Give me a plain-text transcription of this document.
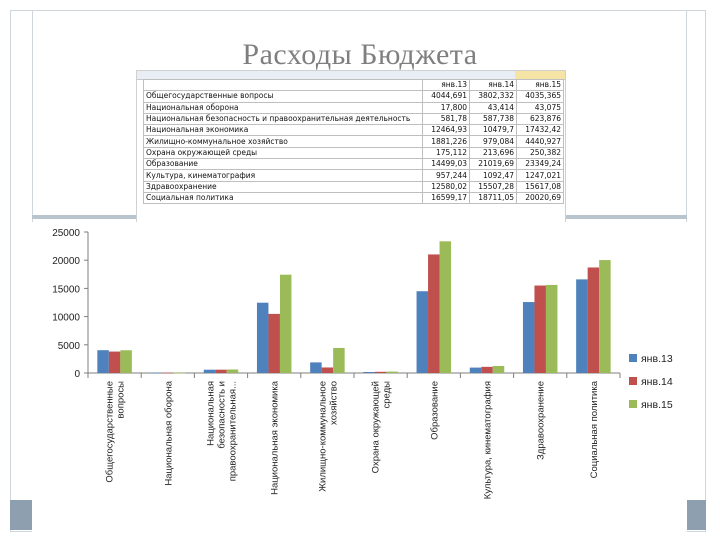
	янв.13	янв.14	янв.15
Общегосударственные вопросы	4044,691	3802,332	4035,365
Национальная оборона	17,800	43,414	43,075
Национальная безопасность и правоохранительная деятельность	581,78	587,738	623,876
Национальная экономика	12464,93	10479,7	17432,42
Жилищно-коммунальное хозяйство	1881,226	979,084	4440,927
Охрана окружающей среды	175,112	213,696	250,382
Образование	14499,03	21019,69	23349,24
Культура, кинематография	957,244	1092,47	1247,021
Здравоохранение	12580,02	15507,28	15617,08
Социальная политика	16599,17	18711,05	20020,69
Расходы Бюджета
25000
20000
15000
10000
5000
0
Общегосударственные вопросы	Национальная оборона	Национальная безопасность и правоохранительная...	Национальная экономика	Жилищно-коммунальное хозяйство	Охрана окружающей среды	Образование	Культура, кинематография	Здравоохранение	Социальная политика
янв.13
янв.14
янв.15
